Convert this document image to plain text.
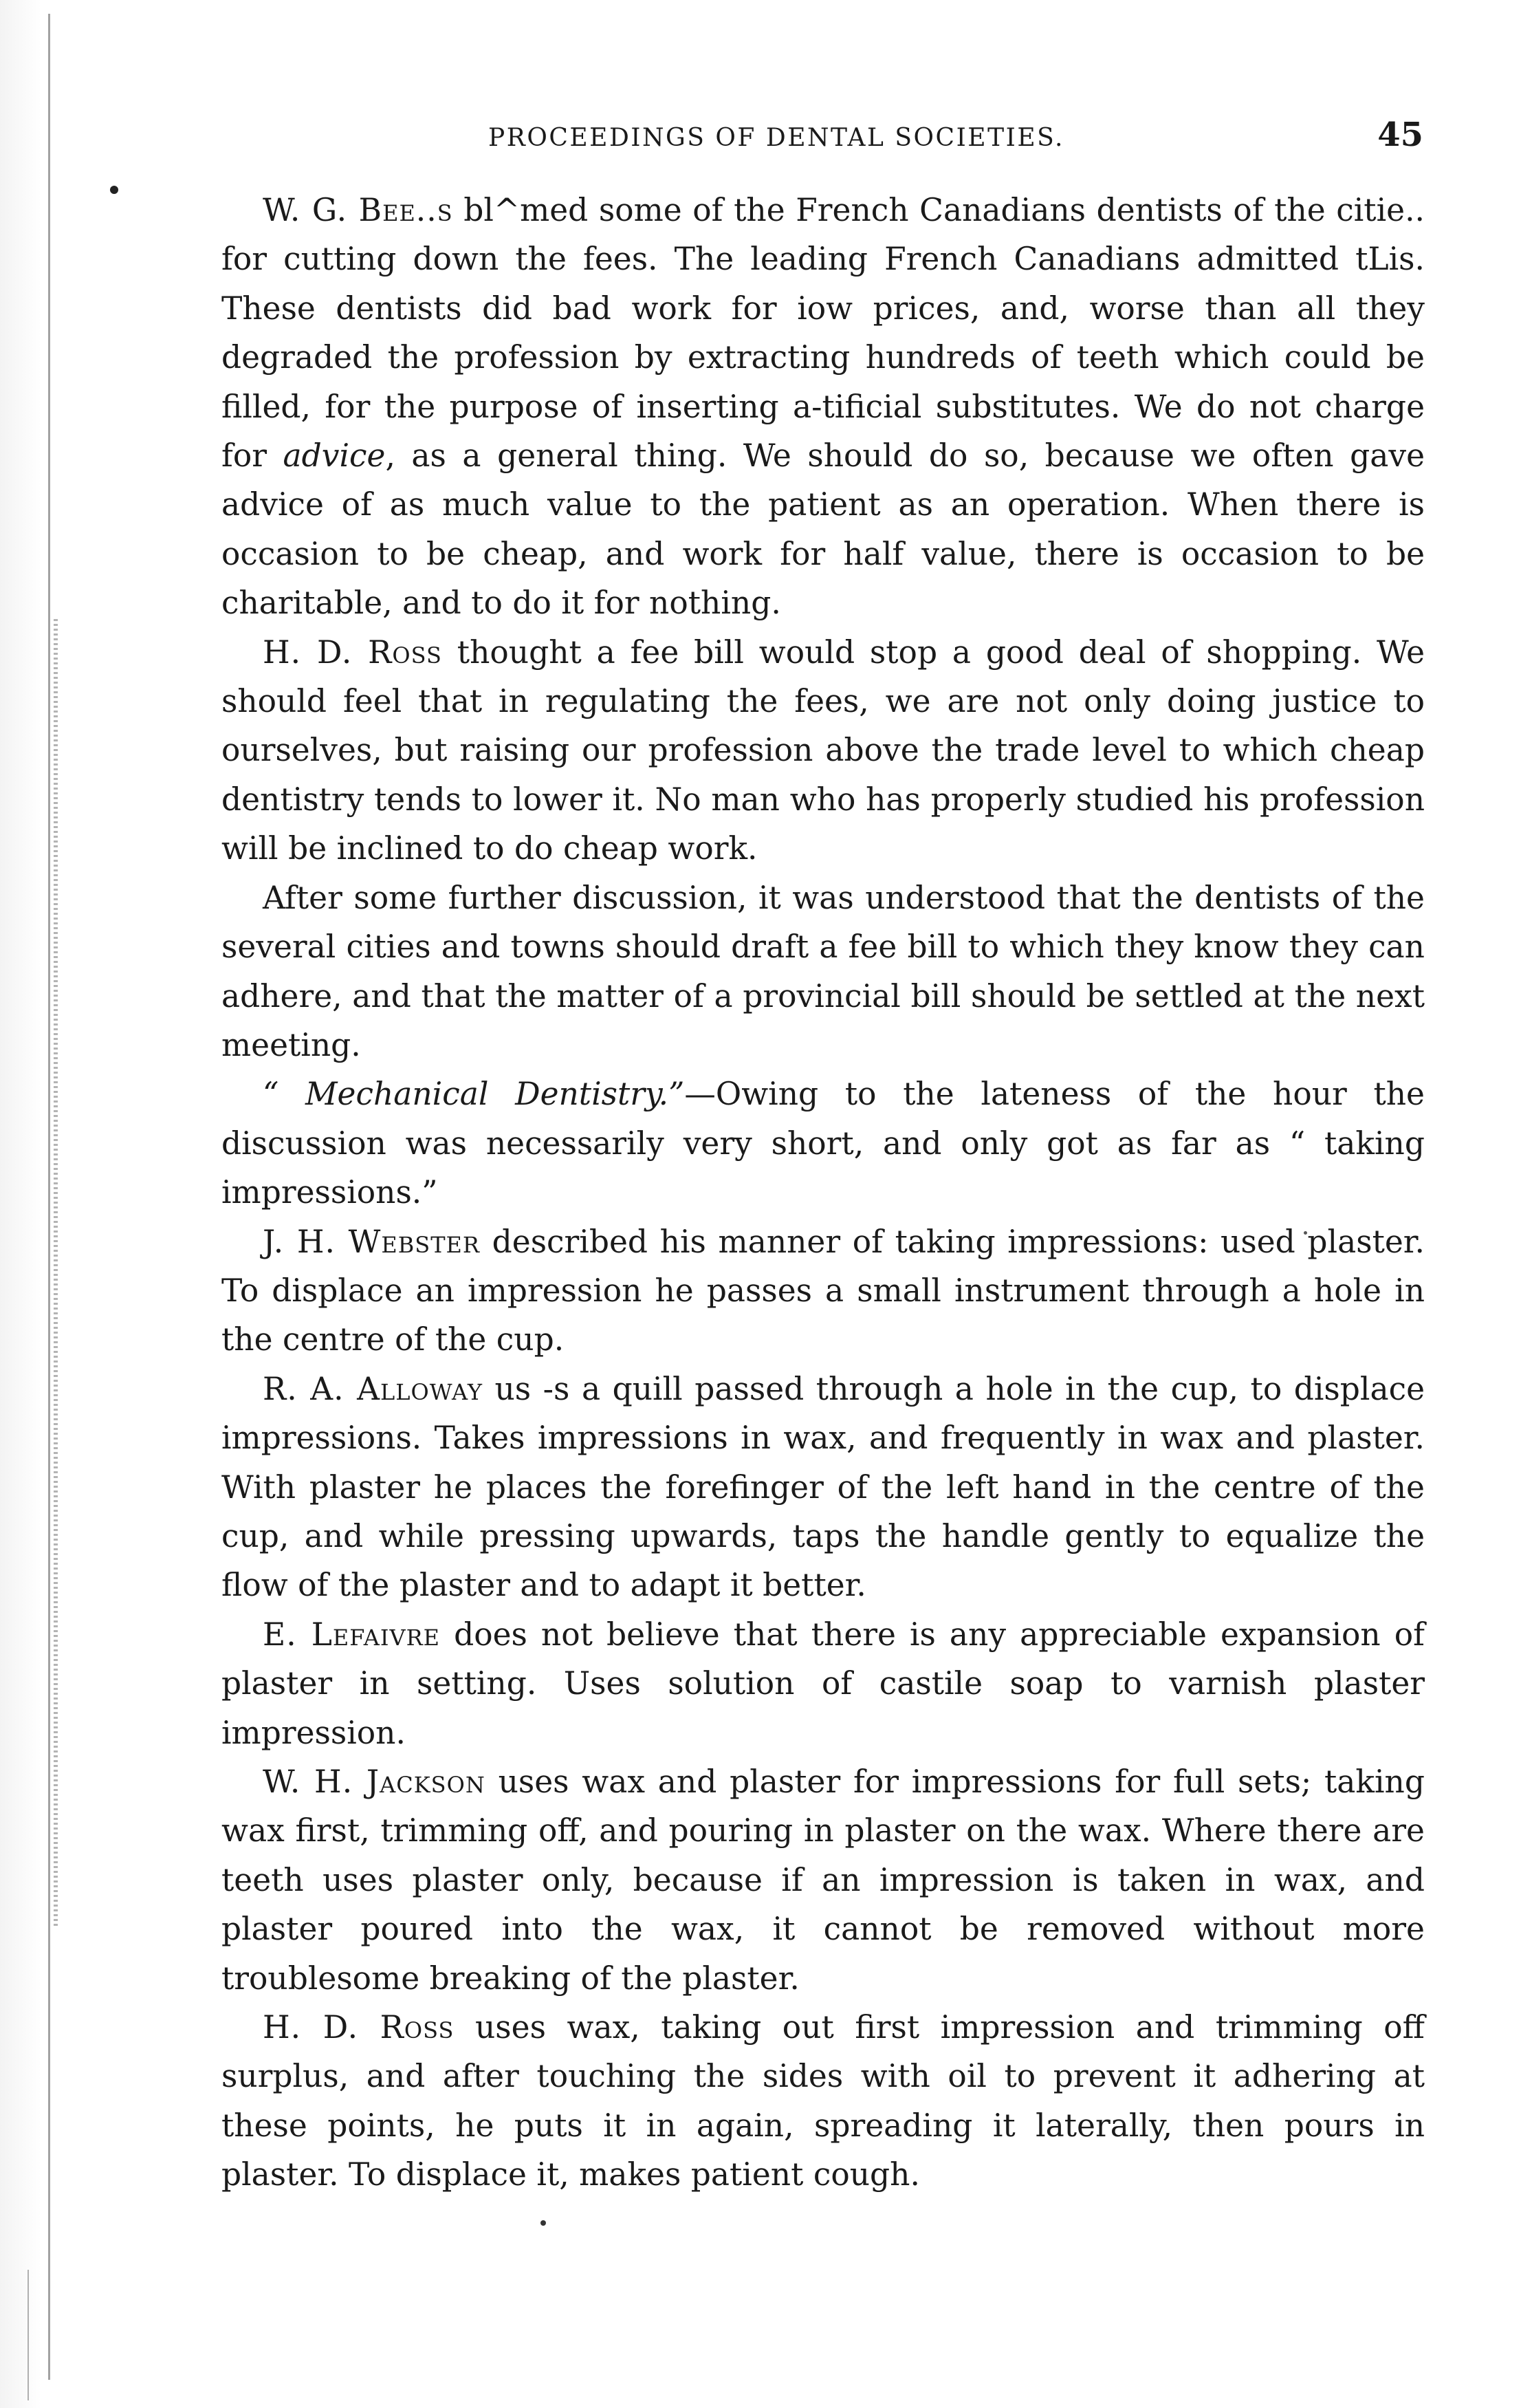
PROCEEDINGS OF DENTAL SOCIETIES.	45

W. G. Bee..s bl^med some of the French Canadians dentists of the citie.. for cutting down the fees. The leading French Canadians admitted tLis. These dentists did bad work for iow prices, and, worse than all they degraded the profession by extracting hundreds of teeth which could be filled, for the purpose of inserting a-tificial substitutes. We do not charge for advice, as a general thing. We should do so, because we often gave advice of as much value to the patient as an operation. When there is occasion to be cheap, and work for half value, there is occasion to be charitable, and to do it for nothing.

H. D. Ross thought a fee bill would stop a good deal of shopping. We should feel that in regulating the fees, we are not only doing justice to ourselves, but raising our profession above the trade level to which cheap dentistry tends to lower it. No man who has properly studied his profession will be inclined to do cheap work.

After some further discussion, it was understood that the dentists of the several cities and towns should draft a fee bill to which they know they can adhere, and that the matter of a provincial bill should be settled at the next meeting.

“ Mechanical Dentistry.”—Owing to the lateness of the hour the discussion was necessarily very short, and only got as far as “ taking impressions.”

J. H. Webster described his manner of taking impressions: used plaster. To displace an impression he passes a small instrument through a hole in the centre of the cup.

R. A. Alloway us -s a quill passed through a hole in the cup, to displace impressions. Takes impressions in wax, and frequently in wax and plaster. With plaster he places the forefinger of the left hand in the centre of the cup, and while pressing upwards, taps the handle gently to equalize the flow of the plaster and to adapt it better.

E. Lefaivre does not believe that there is any appreciable expansion of plaster in setting. Uses solution of castile soap to varnish plaster impression.

W. H. Jackson uses wax and plaster for impressions for full sets; taking wax first, trimming off, and pouring in plaster on the wax. Where there are teeth uses plaster only, because if an impression is taken in wax, and plaster poured into the wax, it cannot be removed without more troublesome breaking of the plaster.

H. D. Ross uses wax, taking out first impression and trimming off surplus, and after touching the sides with oil to prevent it adhering at these points, he puts it in again, spreading it laterally, then pours in plaster. To displace it, makes patient cough.
